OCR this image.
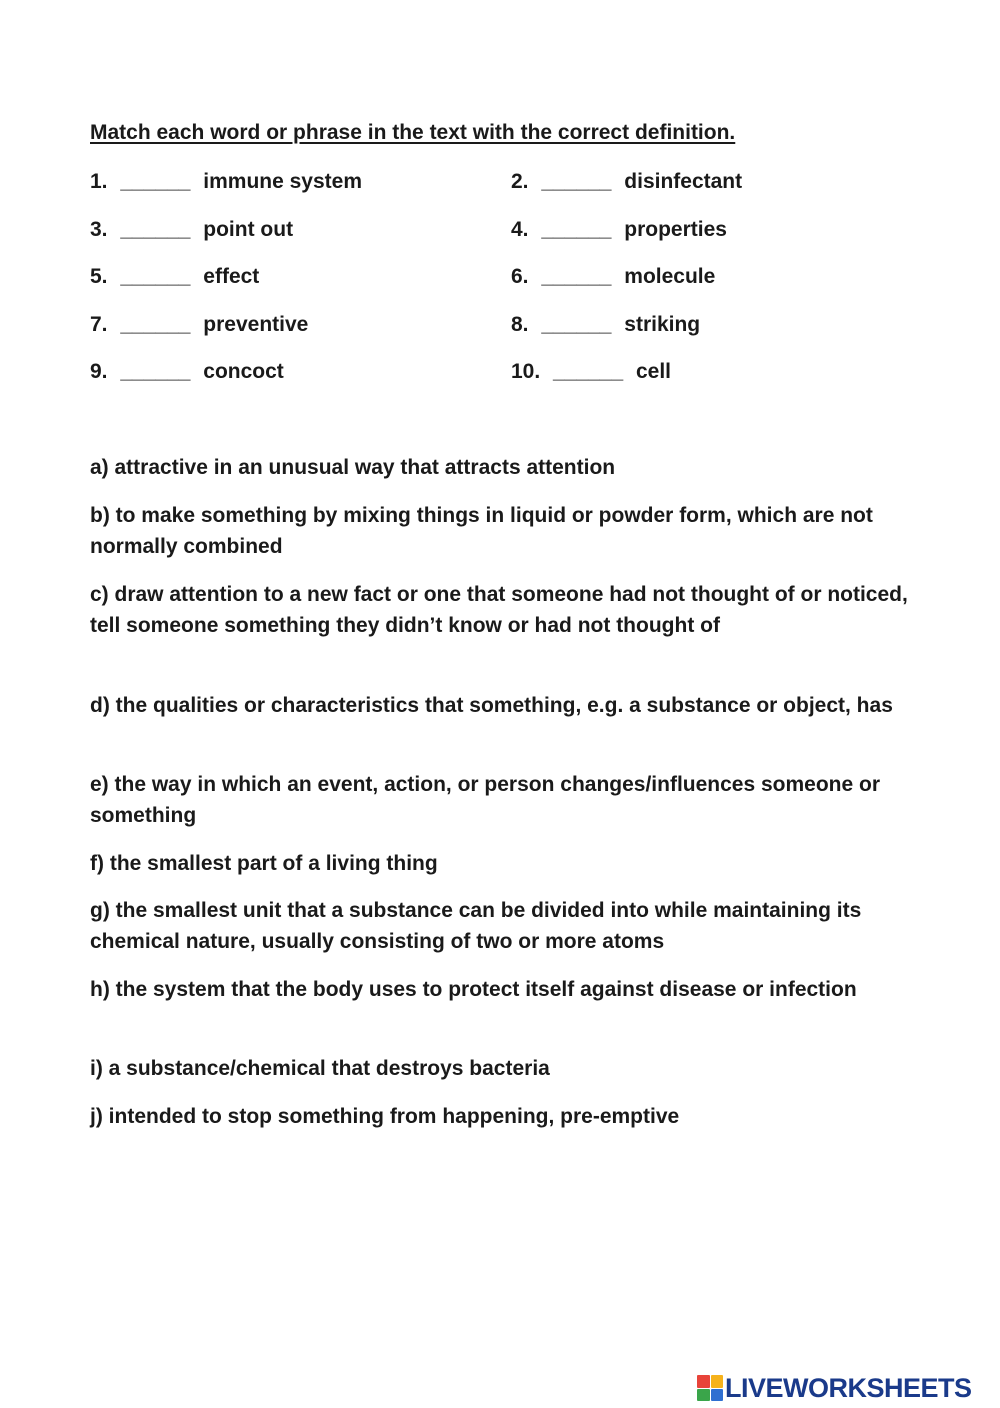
Match each word or phrase in the text with the correct definition.
1. ______ immune system	2. ______ disinfectant
3. ______ point out	4. ______ properties
5. ______ effect	6. ______ molecule
7. ______ preventive	8. ______ striking
9. ______ concoct	10. ______ cell
a) attractive in an unusual way that attracts attention
b) to make something by mixing things in liquid or powder form, which are not normally combined
c) draw attention to a new fact or one that someone had not thought of or noticed, tell someone something they didn’t know or had not thought of
d) the qualities or characteristics that something, e.g. a substance or object, has
e) the way in which an event, action, or person changes/influences someone or something
f) the smallest part of a living thing
g) the smallest unit that a substance can be divided into while maintaining its chemical nature, usually consisting of two or more atoms
h) the system that the body uses to protect itself against disease or infection
i) a substance/chemical that destroys bacteria
j) intended to stop something from happening, pre-emptive
LIVEWORKSHEETS
